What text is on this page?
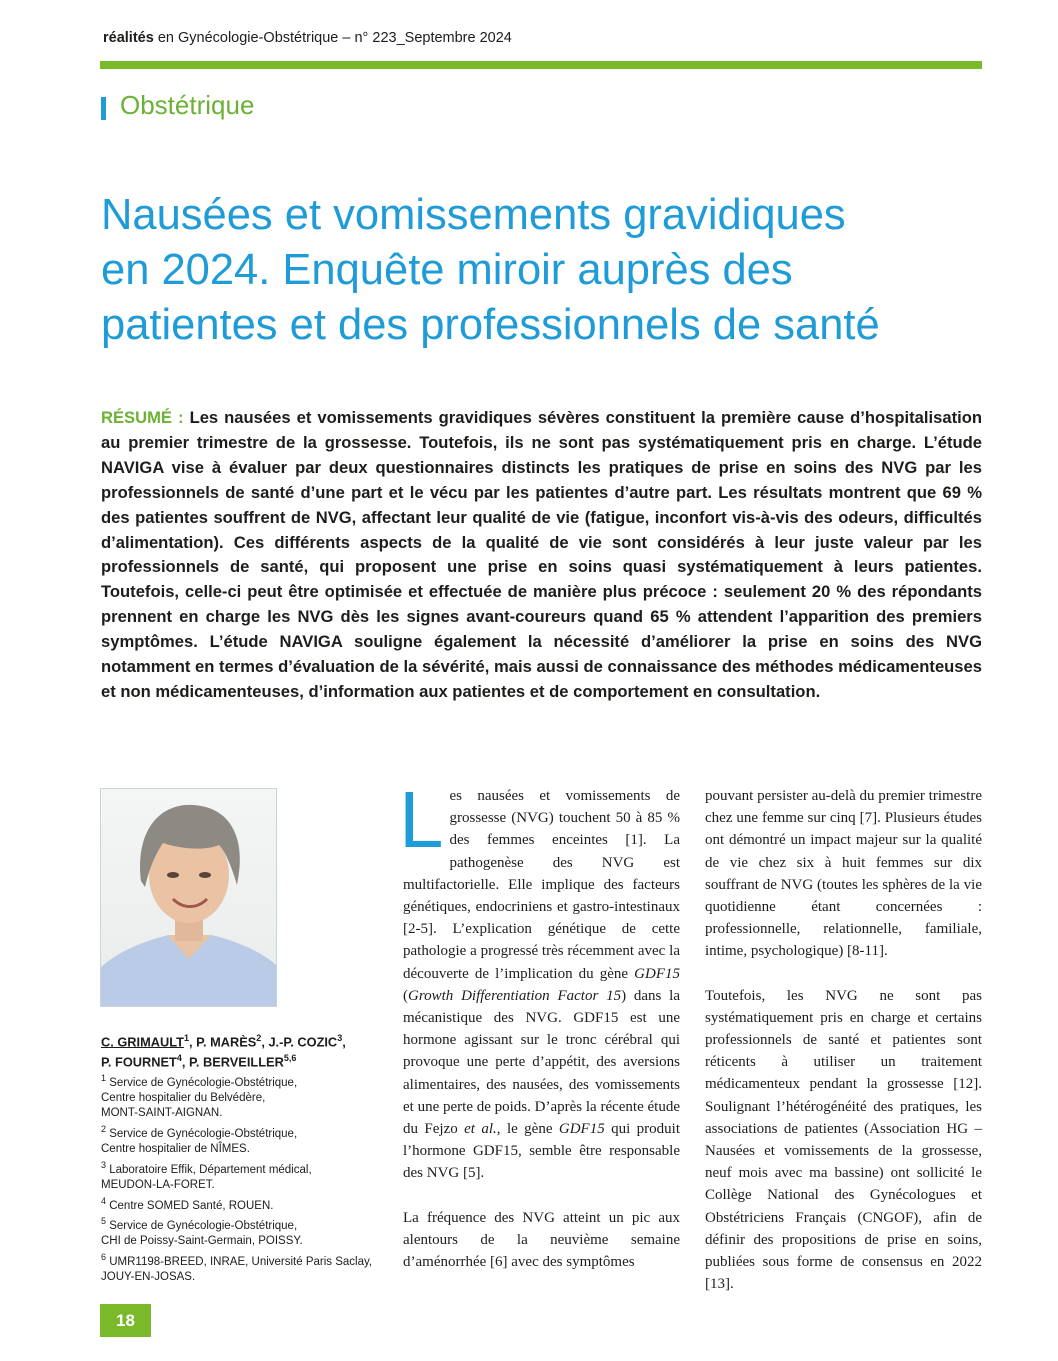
réalités en Gynécologie-Obstétrique – n° 223_Septembre 2024
Obstétrique
Nausées et vomissements gravidiques
en 2024. Enquête miroir auprès des
patientes et des professionnels de santé
RÉSUMÉ : Les nausées et vomissements gravidiques sévères constituent la première cause d’hospitalisation au premier trimestre de la grossesse. Toutefois, ils ne sont pas systématiquement pris en charge. L’étude NAVIGA vise à évaluer par deux questionnaires distincts les pratiques de prise en soins des NVG par les professionnels de santé d’une part et le vécu par les patientes d’autre part. Les résultats montrent que 69 % des patientes souffrent de NVG, affectant leur qualité de vie (fatigue, inconfort vis-à-vis des odeurs, difficultés d’alimentation). Ces différents aspects de la qualité de vie sont considérés à leur juste valeur par les professionnels de santé, qui proposent une prise en soins quasi systématiquement à leurs patientes. Toutefois, celle-ci peut être optimisée et effectuée de manière plus précoce : seulement 20 % des répondants prennent en charge les NVG dès les signes avant-coureurs quand 65 % attendent l’apparition des premiers symptômes. L’étude NAVIGA souligne également la nécessité d’améliorer la prise en soins des NVG notamment en termes d’évaluation de la sévérité, mais aussi de connaissance des méthodes médicamenteuses et non médicamenteuses, d’information aux patientes et de comportement en consultation.
C. GRIMAULT$^1$, P. MARÈS$^2$, J.-P. COZIC$^3$,
P. FOURNET$^4$, P. BERVEILLER$^{5,6}$
$^1$ Service de Gynécologie-Obstétrique,
Centre hospitalier du Belvédère,
MONT-SAINT-AIGNAN.
$^2$ Service de Gynécologie-Obstétrique,
Centre hospitalier de NÎMES.
$^3$ Laboratoire Effik, Département médical,
MEUDON-LA-FORET.
$^4$ Centre SOMED Santé, ROUEN.
$^5$ Service de Gynécologie-Obstétrique,
CHI de Poissy-Saint-Germain, POISSY.
$^6$ UMR1198-BREED, INRAE, Université Paris Saclay,
JOUY-EN-JOSAS.

Les nausées et vomissements de grossesse (NVG) touchent 50 à 85 % des femmes enceintes [1]. La pathogenèse des NVG est multifactorielle. Elle implique des facteurs génétiques, endocriniens et gastro-intestinaux [2-5]. L’explication génétique de cette pathologie a progressé très récemment avec la découverte de l’implication du gène GDF15 (Growth Differentiation Factor 15) dans la mécanistique des NVG. GDF15 est une hormone agissant sur le tronc cérébral qui provoque une perte d’appétit, des aversions alimentaires, des nausées, des vomissements et une perte de poids. D’après la récente étude du Fejzo et al., le gène GDF15 qui produit l’hormone GDF15, semble être responsable des NVG [5].

La fréquence des NVG atteint un pic aux alentours de la neuvième semaine d’aménorrhée [6] avec des symptômes

pouvant persister au-delà du premier trimestre chez une femme sur cinq [7]. Plusieurs études ont démontré un impact majeur sur la qualité de vie chez six à huit femmes sur dix souffrant de NVG (toutes les sphères de la vie quotidienne étant concernées : professionnelle, relationnelle, familiale, intime, psychologique) [8-11].

Toutefois, les NVG ne sont pas systématiquement pris en charge et certains professionnels de santé et patientes sont réticents à utiliser un traitement médicamenteux pendant la grossesse [12]. Soulignant l’hétérogénéité des pratiques, les associations de patientes (Association HG – Nausées et vomissements de la grossesse, neuf mois avec ma bassine) ont sollicité le Collège National des Gynécologues et Obstétriciens Français (CNGOF), afin de définir des propositions de prise en soins, publiées sous forme de consensus en 2022 [13].

18
